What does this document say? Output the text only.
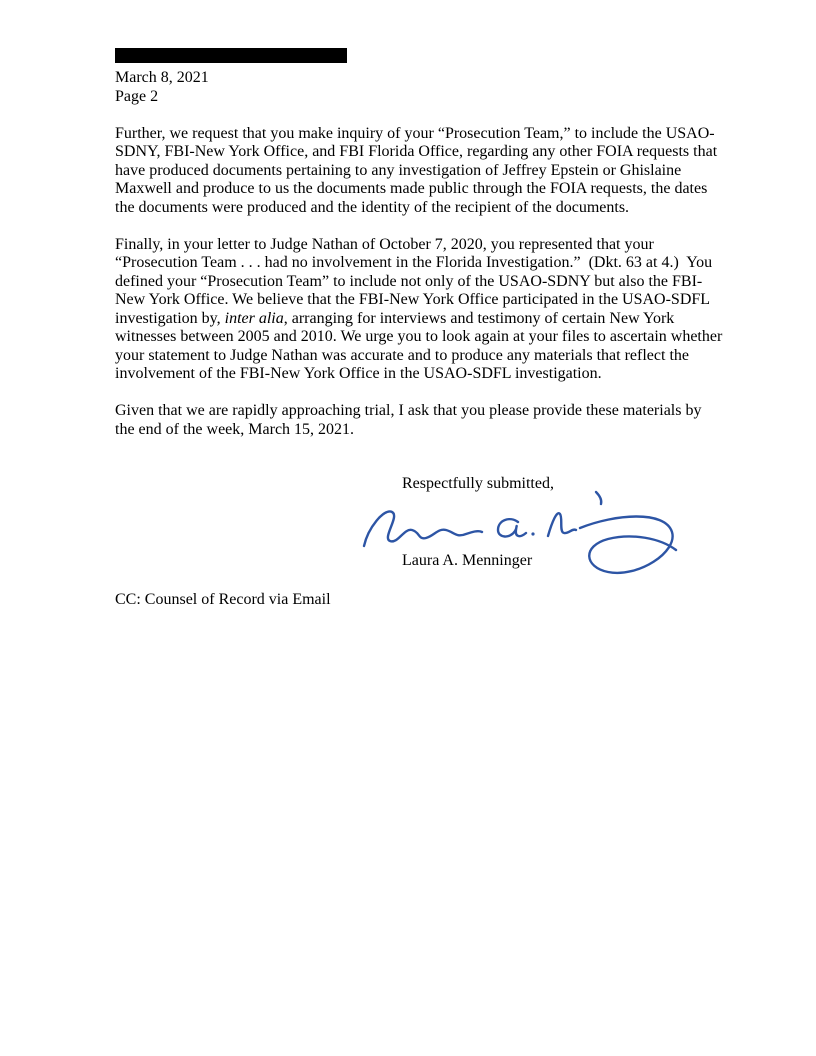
March 8, 2021
Page 2
Further, we request that you make inquiry of your “Prosecution Team,” to include the USAO-SDNY, FBI-New York Office, and FBI Florida Office, regarding any other FOIA requests that have produced documents pertaining to any investigation of Jeffrey Epstein or Ghislaine Maxwell and produce to us the documents made public through the FOIA requests, the dates the documents were produced and the identity of the recipient of the documents.
Finally, in your letter to Judge Nathan of October 7, 2020, you represented that your “Prosecution Team . . . had no involvement in the Florida Investigation.”  (Dkt. 63 at 4.)  You defined your “Prosecution Team” to include not only of the USAO-SDNY but also the FBI-New York Office. We believe that the FBI-New York Office participated in the USAO-SDFL investigation by, inter alia, arranging for interviews and testimony of certain New York witnesses between 2005 and 2010. We urge you to look again at your files to ascertain whether your statement to Judge Nathan was accurate and to produce any materials that reflect the involvement of the FBI-New York Office in the USAO-SDFL investigation.
Given that we are rapidly approaching trial, I ask that you please provide these materials by the end of the week, March 15, 2021.
Respectfully submitted,
Laura A. Menninger
CC: Counsel of Record via Email
